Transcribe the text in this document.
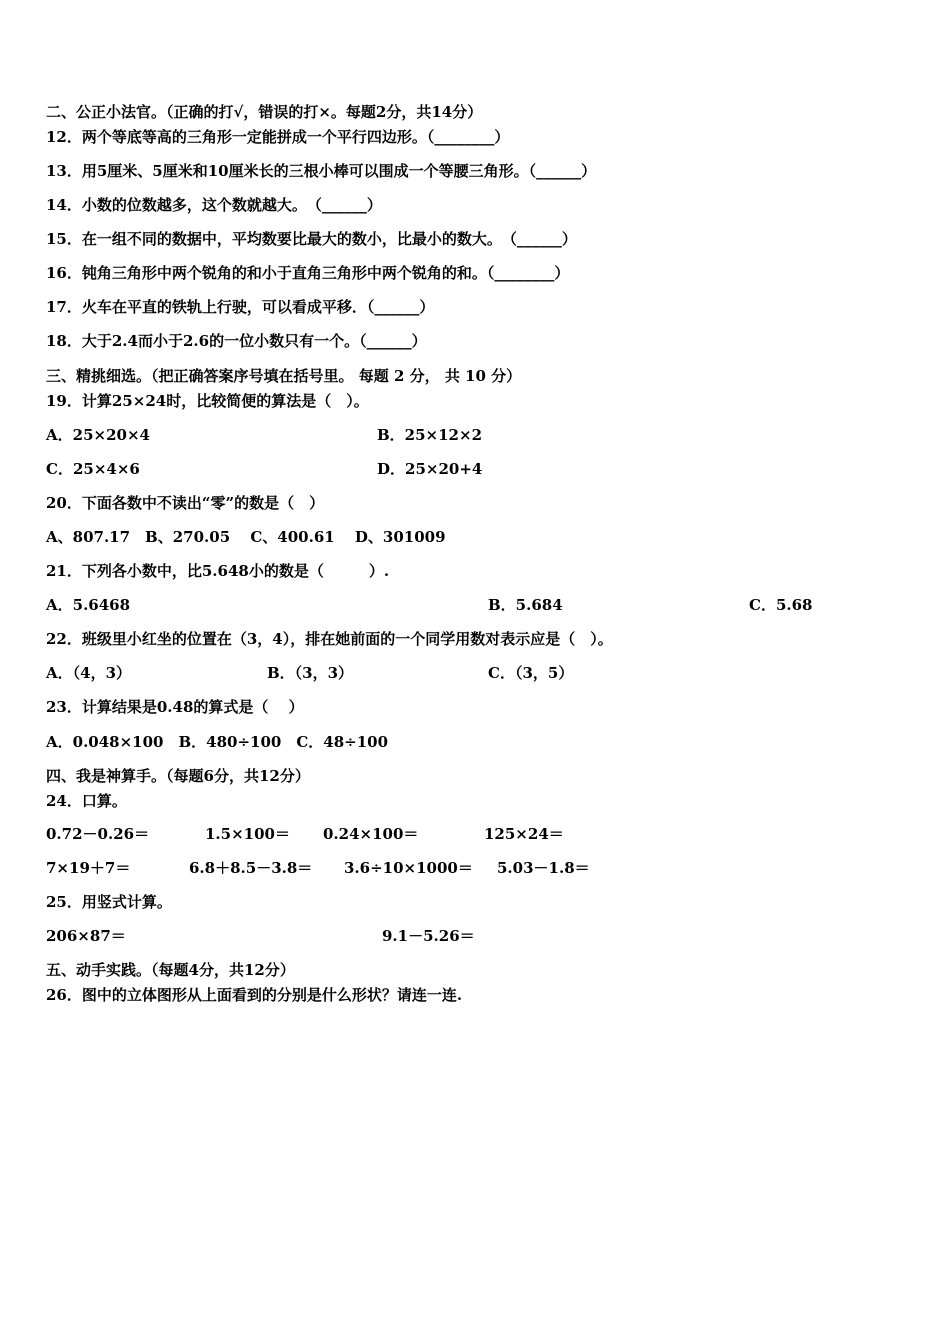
二、公正小法官。（正确的打√，错误的打×。每题2分，共14分）
12．两个等底等高的三角形一定能拼成一个平行四边形。（________）
13．用5厘米、5厘米和10厘米长的三根小棒可以围成一个等腰三角形。（______）
14．小数的位数越多，这个数就越大。　（______）
15．在一组不同的数据中，平均数要比最大的数小，比最小的数大。　（______）
16．钝角三角形中两个锐角的和小于直角三角形中两个锐角的和。（________）
17．火车在平直的铁轨上行驶，可以看成平移．（______）
18．大于2.4而小于2.6的一位小数只有一个。（______）
三、精挑细选。（把正确答案序号填在括号里。 每题 2 分， 共 10 分）
19．计算25×24时，比较简便的算法是（　）。
A．25×20×4	B．25×12×2
C．25×4×6	D．25×20+4
20．下面各数中不读出“零”的数是（　）
A、807.17　B、270.05　 C、400.61　 D、301009
21．下列各小数中，比5.648小的数是（　　　）.
A．5.6468	B．5.684	C．5.68
22．班级里小红坐的位置在（3，4），排在她前面的一个同学用数对表示应是（　）。
A．（4，3）	B．（3，3）	C．（3，5）
23．计算结果是0.48的算式是（　 ）
A．0.048×100　B．480÷100　C．48÷100
四、我是神算手。（每题6分，共12分）
24．口算。
0.72－0.26＝	1.5×100＝ 0.24×100＝	125×24＝
7×19＋7＝	6.8＋8.5－3.8＝ 3.6÷10×1000＝ 5.03－1.8＝
25．用竖式计算。
206×87＝	9.1－5.26＝
五、动手实践。（每题4分，共12分）
26．图中的立体图形从上面看到的分别是什么形状？请连一连.
